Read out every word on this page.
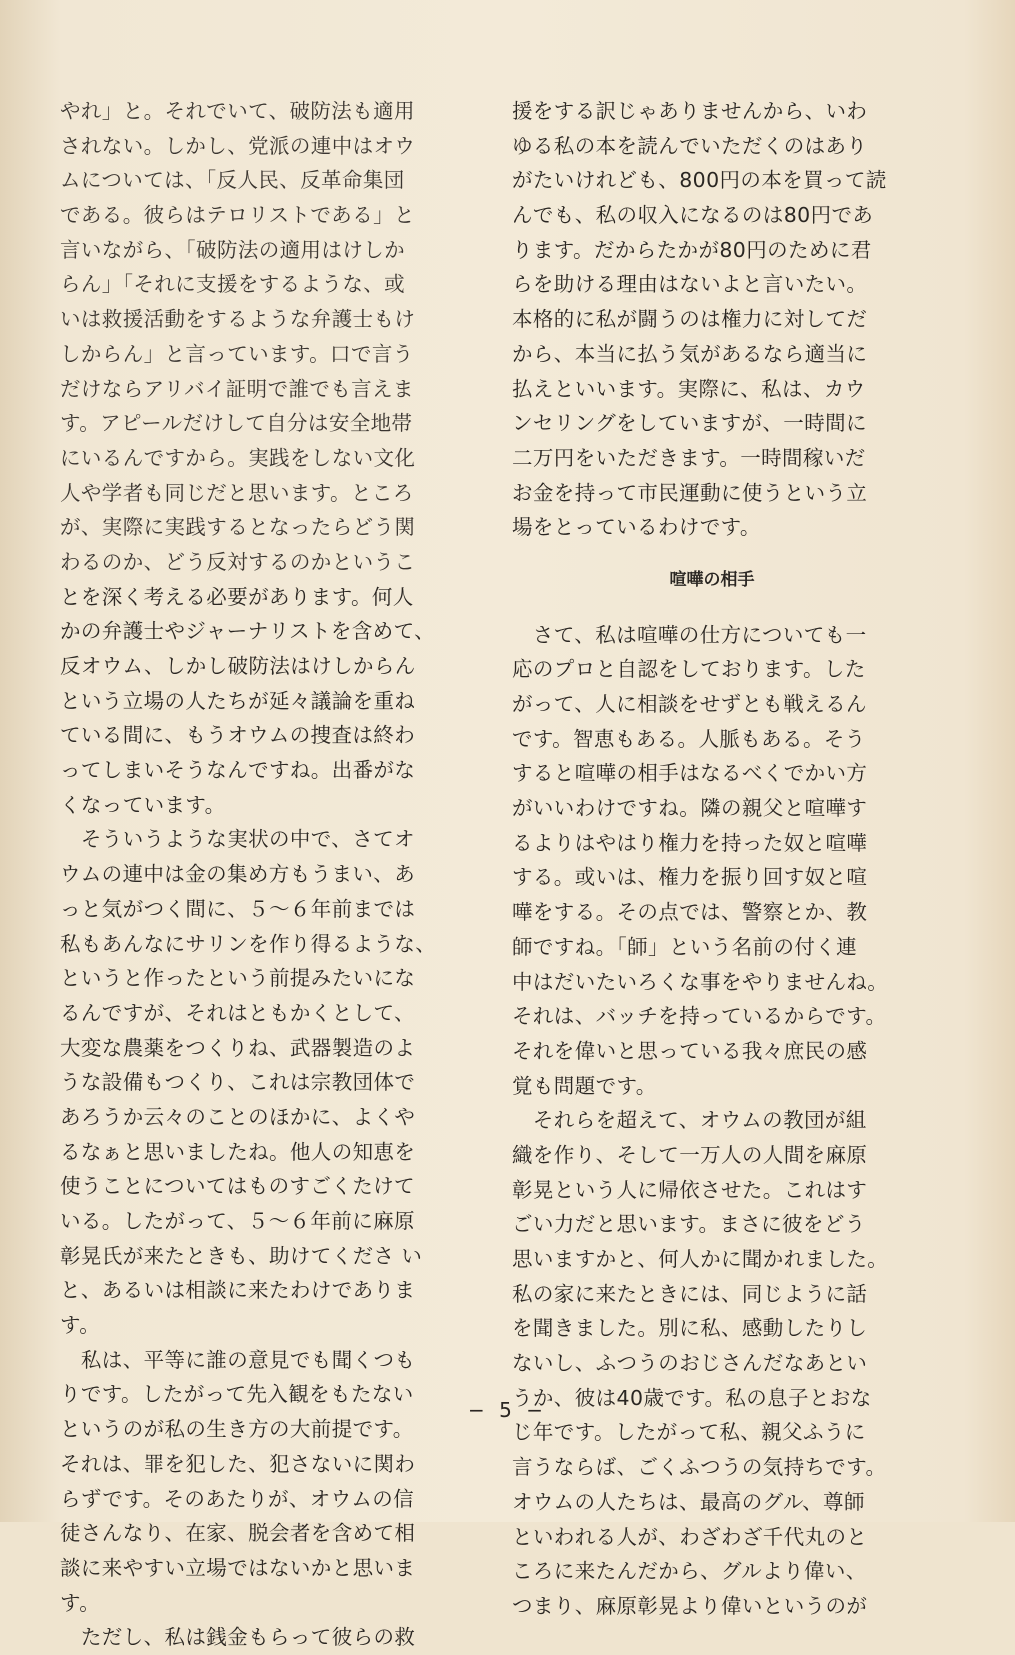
やれ」と。それでいて、破防法も適用
されない。しかし、党派の連中はオウ
ムについては、「反人民、反革命集団
である。彼らはテロリストである」と
言いながら、「破防法の適用はけしか
らん」「それに支援をするような、或
いは救援活動をするような弁護士もけ
しからん」と言っています。口で言う
だけならアリバイ証明で誰でも言えま
す。アピールだけして自分は安全地帯
にいるんですから。実践をしない文化
人や学者も同じだと思います。ところ
が、実際に実践するとなったらどう関
わるのか、どう反対するのかというこ
とを深く考える必要があります。何人
かの弁護士やジャーナリストを含めて、
反オウム、しかし破防法はけしからん
という立場の人たちが延々議論を重ね
ている間に、もうオウムの捜査は終わ
ってしまいそうなんですね。出番がな
くなっています。
　そういうような実状の中で、さてオ
ウムの連中は金の集め方もうまい、あ
っと気がつく間に、５〜６年前までは
私もあんなにサリンを作り得るような、
というと作ったという前提みたいにな
るんですが、それはともかくとして、
大変な農薬をつくりね、武器製造のよ
うな設備もつくり、これは宗教団体で
あろうか云々のことのほかに、よくや
るなぁと思いましたね。他人の知恵を
使うことについてはものすごくたけて
いる。したがって、５〜６年前に麻原
彰晃氏が来たときも、助けてくださ い
と、あるいは相談に来たわけでありま
す。
　私は、平等に誰の意見でも聞くつも
りです。したがって先入観をもたない
というのが私の生き方の大前提です。
それは、罪を犯した、犯さないに関わ
らずです。そのあたりが、オウムの信
徒さんなり、在家、脱会者を含めて相
談に来やすい立場ではないかと思いま
す。
　ただし、私は銭金もらって彼らの救
援をする訳じゃありませんから、いわ
ゆる私の本を読んでいただくのはあり
がたいけれども、800円の本を買って読
んでも、私の収入になるのは80円であ
ります。だからたかが80円のために君
らを助ける理由はないよと言いたい。
本格的に私が闘うのは権力に対してだ
から、本当に払う気があるなら適当に
払えといいます。実際に、私は、カウ
ンセリングをしていますが、一時間に
二万円をいただきます。一時間稼いだ
お金を持って市民運動に使うという立
場をとっているわけです。
喧嘩の相手
　さて、私は喧嘩の仕方についても一
応のプロと自認をしております。した
がって、人に相談をせずとも戦えるん
です。智恵もある。人脈もある。そう
すると喧嘩の相手はなるべくでかい方
がいいわけですね。隣の親父と喧嘩す
るよりはやはり権力を持った奴と喧嘩
する。或いは、権力を振り回す奴と喧
嘩をする。その点では、警察とか、教
師ですね。「師」という名前の付く連
中はだいたいろくな事をやりませんね。
それは、バッチを持っているからです。
それを偉いと思っている我々庶民の感
覚も問題です。
　それらを超えて、オウムの教団が組
織を作り、そして一万人の人間を麻原
彰晃という人に帰依させた。これはす
ごい力だと思います。まさに彼をどう
思いますかと、何人かに聞かれました。
私の家に来たときには、同じように話
を聞きました。別に私、感動したりし
ないし、ふつうのおじさんだなあとい
うか、彼は40歳です。私の息子とおな
じ年です。したがって私、親父ふうに
言うならば、ごくふつうの気持ちです。
オウムの人たちは、最高のグル、尊師
といわれる人が、わざわざ千代丸のと
ころに来たんだから、グルより偉い、
つまり、麻原彰晃より偉いというのが
− 5 −
